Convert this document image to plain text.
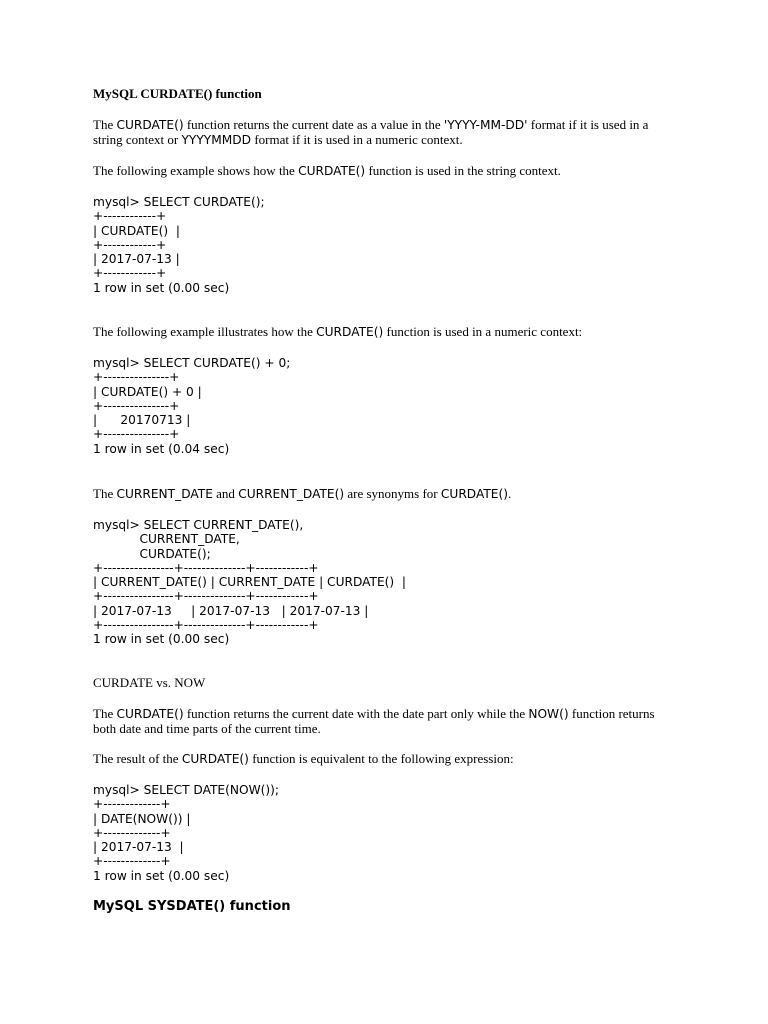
MySQL CURDATE() function

The CURDATE() function returns the current date as a value in the 'YYYY-MM-DD' format if it is used in a string context or YYYYMMDD format if it is used in a numeric context.

The following example shows how the CURDATE() function is used in the string context.

mysql> SELECT CURDATE();
+------------+
| CURDATE()  |
+------------+
| 2017-07-13 |
+------------+
1 row in set (0.00 sec)

The following example illustrates how the CURDATE() function is used in a numeric context:

mysql> SELECT CURDATE() + 0;
+---------------+
| CURDATE() + 0 |
+---------------+
|      20170713 |
+---------------+
1 row in set (0.04 sec)

The CURRENT_DATE and CURRENT_DATE() are synonyms for CURDATE().

mysql> SELECT CURRENT_DATE(),
CURRENT_DATE,
CURDATE();
+----------------+--------------+------------+
| CURRENT_DATE() | CURRENT_DATE | CURDATE()  |
+----------------+--------------+------------+
| 2017-07-13     | 2017-07-13   | 2017-07-13 |
+----------------+--------------+------------+
1 row in set (0.00 sec)

CURDATE vs. NOW

The CURDATE() function returns the current date with the date part only while the NOW() function returns both date and time parts of the current time.

The result of the CURDATE() function is equivalent to the following expression:

mysql> SELECT DATE(NOW());
+-------------+
| DATE(NOW()) |
+-------------+
| 2017-07-13  |
+-------------+
1 row in set (0.00 sec)

MySQL SYSDATE() function
